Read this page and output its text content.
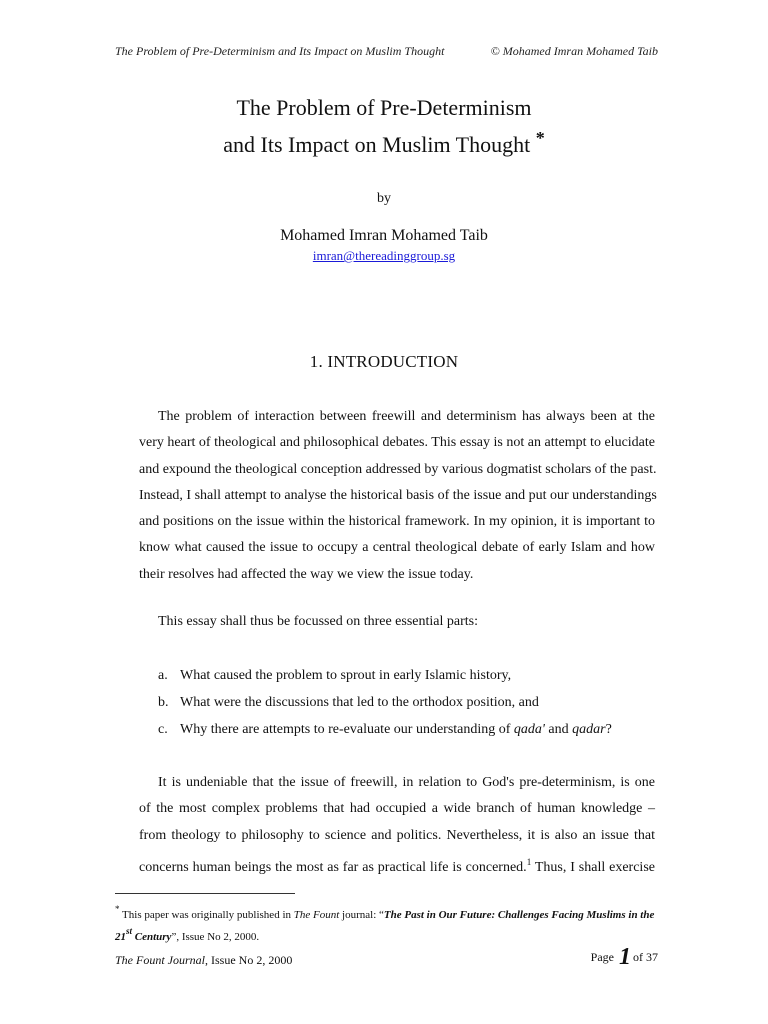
The Problem of Pre-Determinism and Its Impact on Muslim Thought	© Mohamed Imran Mohamed Taib
The Problem of Pre-Determinism
and Its Impact on Muslim Thought *
by
Mohamed Imran Mohamed Taib
imran@thereadinggroup.sg
1. INTRODUCTION
The problem of interaction between freewill and determinism has always been at the
very heart of theological and philosophical debates. This essay is not an attempt to elucidate
and expound the theological conception addressed by various dogmatist scholars of the past.
Instead, I shall attempt to analyse the historical basis of the issue and put our understandings
and positions on the issue within the historical framework. In my opinion, it is important to
know what caused the issue to occupy a central theological debate of early Islam and how
their resolves had affected the way we view the issue today.
This essay shall thus be focussed on three essential parts:
a. What caused the problem to sprout in early Islamic history,
b. What were the discussions that led to the orthodox position, and
c. Why there are attempts to re-evaluate our understanding of qada' and qadar?
It is undeniable that the issue of freewill, in relation to God's pre-determinism, is one
of the most complex problems that had occupied a wide branch of human knowledge –
from theology to philosophy to science and politics. Nevertheless, it is also an issue that
concerns human beings the most as far as practical life is concerned.$^1$ Thus, I shall exercise
* This paper was originally published in The Fount journal: “The Past in Our Future: Challenges Facing Muslims in the
21st Century”, Issue No 2, 2000.
The Fount Journal, Issue No 2, 2000	Page 1 of 37
